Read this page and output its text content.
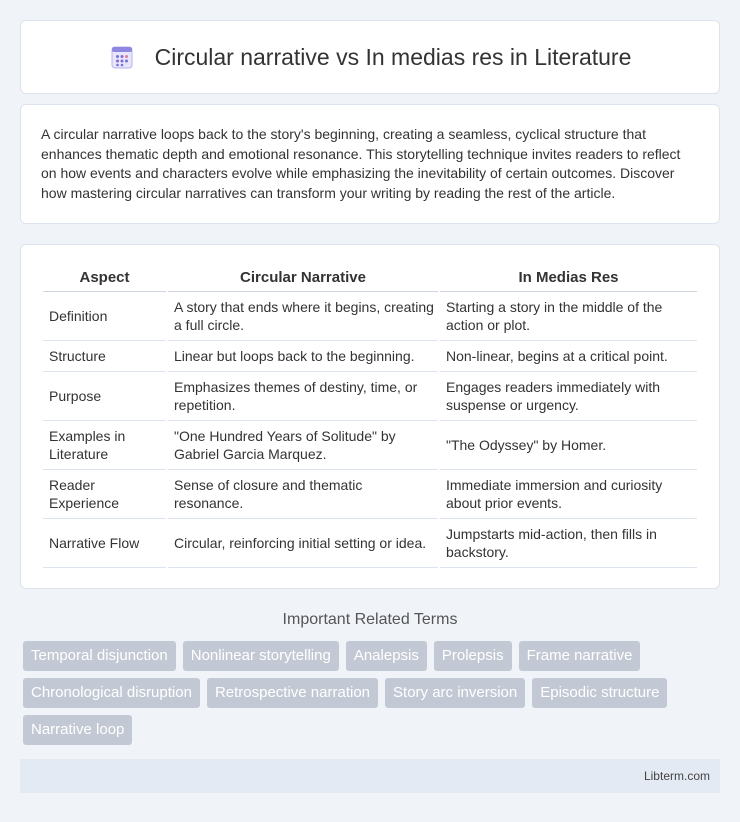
Circular narrative vs In medias res in Literature

A circular narrative loops back to the story's beginning, creating a seamless, cyclical structure that enhances thematic depth and emotional resonance. This storytelling technique invites readers to reflect on how events and characters evolve while emphasizing the inevitability of certain outcomes. Discover how mastering circular narratives can transform your writing by reading the rest of the article.

Aspect	Circular Narrative	In Medias Res
Definition	A story that ends where it begins, creating a full circle.	Starting a story in the middle of the action or plot.
Structure	Linear but loops back to the beginning.	Non-linear, begins at a critical point.
Purpose	Emphasizes themes of destiny, time, or repetition.	Engages readers immediately with suspense or urgency.
Examples in Literature	"One Hundred Years of Solitude" by Gabriel Garcia Marquez.	"The Odyssey" by Homer.
Reader Experience	Sense of closure and thematic resonance.	Immediate immersion and curiosity about prior events.
Narrative Flow	Circular, reinforcing initial setting or idea.	Jumpstarts mid-action, then fills in backstory.
Important Related Terms
Temporal disjunction	Nonlinear storytelling	Analepsis	Prolepsis	Frame narrative
Chronological disruption	Retrospective narration	Story arc inversion	Episodic structure
Narrative loop
Libterm.com
